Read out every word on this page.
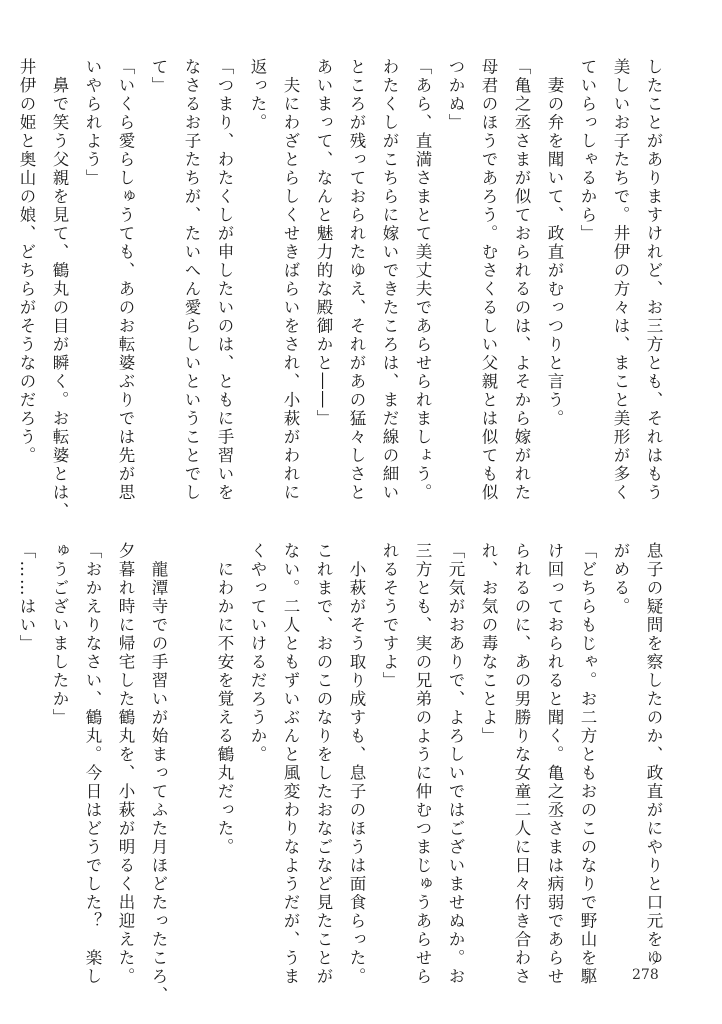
したことがありますけれど、お三方とも、それはもう
美しいお子たちで。井伊の方々は、まこと美形が多く
ていらっしゃるから」
　妻の弁を聞いて、政直がむっつりと言う。
「亀之丞さまが似ておられるのは、よそから嫁がれた
母君のほうであろう。むさくるしい父親とは似ても似
つかぬ」
「あら、直満さまとて美丈夫であらせられましょう。
わたくしがこちらに嫁いできたころは、まだ線の細い
ところが残っておられたゆえ、それがあの猛々しさと
あいまって、なんと魅力的な殿御かと――」
　夫にわざとらしくせきばらいをされ、小萩がわれに
返った。
「つまり、わたくしが申したいのは、ともに手習いを
なさるお子たちが、たいへん愛らしいということでし
て」
「いくら愛らしゅうても、あのお転婆ぶりでは先が思
いやられよう」
　鼻で笑う父親を見て、鶴丸の目が瞬く。お転婆とは、
井伊の姫と奥山の娘、どちらがそうなのだろう。
息子の疑問を察したのか、政直がにやりと口元をゆ
がめる。
「どちらもじゃ。お二方ともおのこのなりで野山を駆
け回っておられると聞く。亀之丞さまは病弱であらせ
られるのに、あの男勝りな女童二人に日々付き合わさ
れ、お気の毒なことよ」
「元気がおありで、よろしいではございませぬか。お
三方とも、実の兄弟のように仲むつまじゅうあらせら
れるそうですよ」
　小萩がそう取り成すも、息子のほうは面食らった。
これまで、おのこのなりをしたおなごなど見たことが
ない。二人ともずいぶんと風変わりなようだが、うま
くやっていけるだろうか。
　にわかに不安を覚える鶴丸だった。

　龍潭寺での手習いが始まってふた月ほどたったころ、
夕暮れ時に帰宅した鶴丸を、小萩が明るく出迎えた。
「おかえりなさい、鶴丸。今日はどうでした？　楽し
ゅうございましたか」
「……はい」
278
